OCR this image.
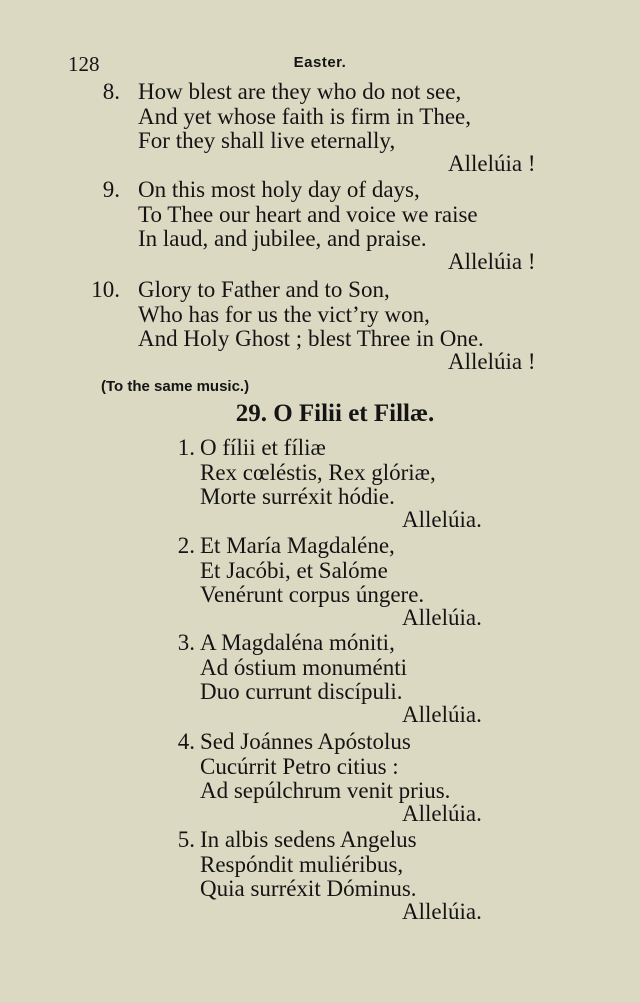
128	Easter.
8. How blest are they who do not see,
And yet whose faith is firm in Thee,
For they shall live eternally,
Allelúia !
9. On this most holy day of days,
To Thee our heart and voice we raise
In laud, and jubilee, and praise.
Allelúia !
10. Glory to Father and to Son,
Who has for us the vict’ry won,
And Holy Ghost ; blest Three in One.
Allelúia !
(To the same music.)
29. O Filii et Fillæ.
1. O fílii et fíliæ
Rex cœléstis, Rex glóriæ,
Morte surréxit hódie.
Allelúia.
2. Et María Magdaléne,
Et Jacóbi, et Salóme
Venérunt corpus úngere.
Allelúia.
3. A Magdaléna móniti,
Ad óstium monuménti
Duo currunt discípuli.
Allelúia.
4. Sed Joánnes Apóstolus
Cucúrrit Petro citius :
Ad sepúlchrum venit prius.
Allelúia.
5. In albis sedens Angelus
Respóndit muliéribus,
Quia surréxit Dóminus.
Allelúia.
